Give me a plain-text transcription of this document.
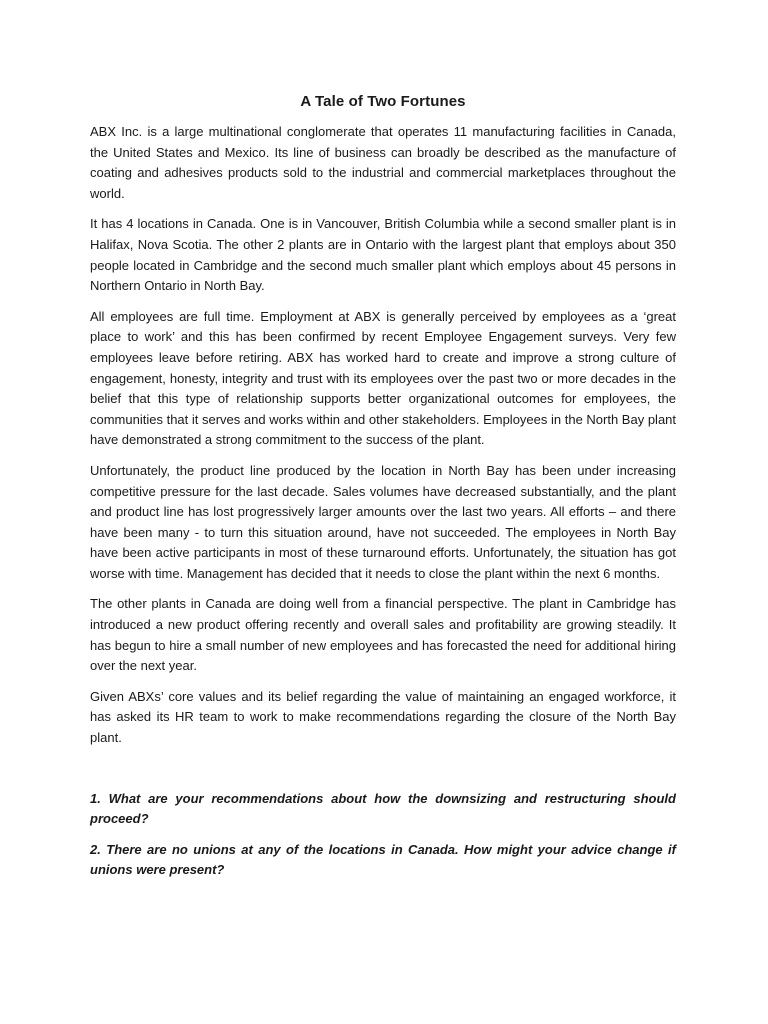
A Tale of Two Fortunes

ABX Inc. is a large multinational conglomerate that operates 11 manufacturing facilities in Canada, the United States and Mexico. Its line of business can broadly be described as the manufacture of coating and adhesives products sold to the industrial and commercial marketplaces throughout the world.

It has 4 locations in Canada. One is in Vancouver, British Columbia while a second smaller plant is in Halifax, Nova Scotia. The other 2 plants are in Ontario with the largest plant that employs about 350 people located in Cambridge and the second much smaller plant which employs about 45 persons in Northern Ontario in North Bay.

All employees are full time. Employment at ABX is generally perceived by employees as a ‘great place to work’ and this has been confirmed by recent Employee Engagement surveys. Very few employees leave before retiring. ABX has worked hard to create and improve a strong culture of engagement, honesty, integrity and trust with its employees over the past two or more decades in the belief that this type of relationship supports better organizational outcomes for employees, the communities that it serves and works within and other stakeholders. Employees in the North Bay plant have demonstrated a strong commitment to the success of the plant.

Unfortunately, the product line produced by the location in North Bay has been under increasing competitive pressure for the last decade. Sales volumes have decreased substantially, and the plant and product line has lost progressively larger amounts over the last two years. All efforts – and there have been many - to turn this situation around, have not succeeded. The employees in North Bay have been active participants in most of these turnaround efforts. Unfortunately, the situation has got worse with time. Management has decided that it needs to close the plant within the next 6 months.

The other plants in Canada are doing well from a financial perspective. The plant in Cambridge has introduced a new product offering recently and overall sales and profitability are growing steadily. It has begun to hire a small number of new employees and has forecasted the need for additional hiring over the next year.

Given ABXs’ core values and its belief regarding the value of maintaining an engaged workforce, it has asked its HR team to work to make recommendations regarding the closure of the North Bay plant.

1. What are your recommendations about how the downsizing and restructuring should proceed?

2. There are no unions at any of the locations in Canada. How might your advice change if unions were present?
